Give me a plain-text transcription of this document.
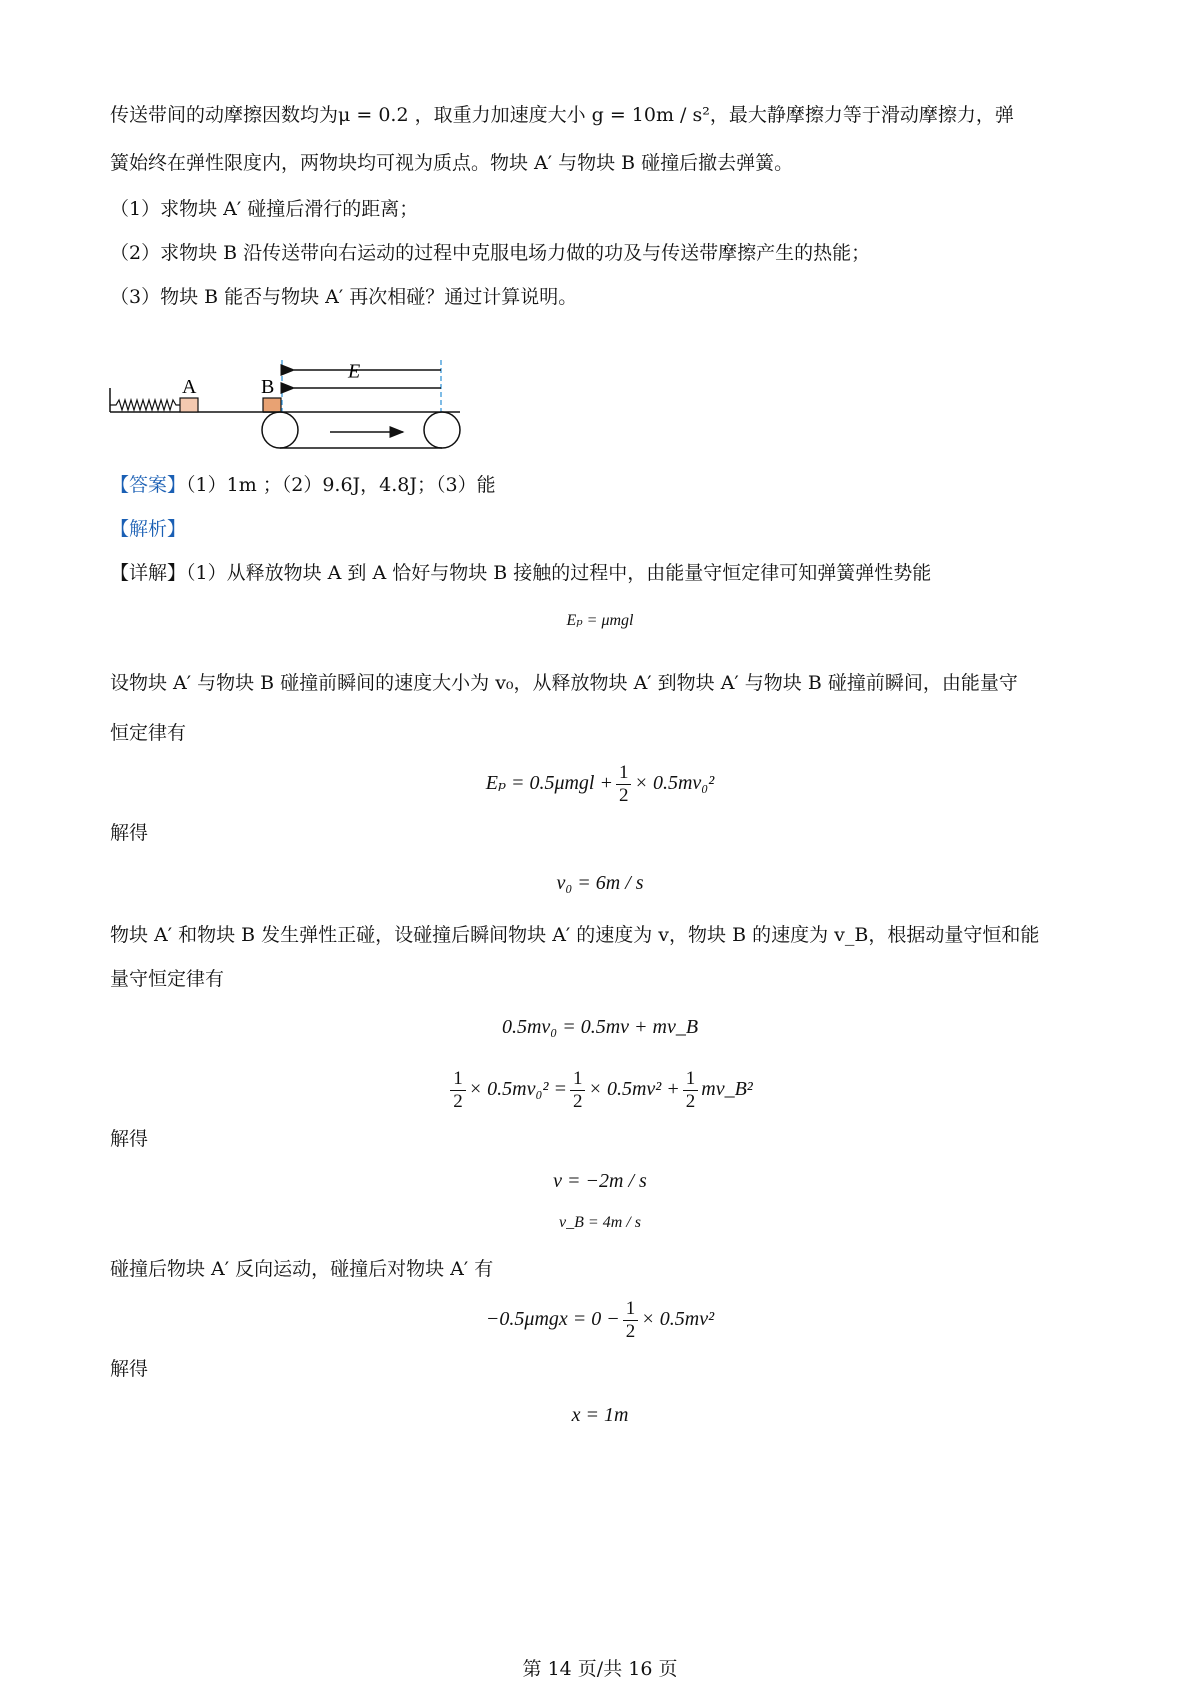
传送带间的动摩擦因数均为μ = 0.2 ，取重力加速度大小 g = 10m / s²，最大静摩擦力等于滑动摩擦力，弹
簧始终在弹性限度内，两物块均可视为质点。物块 A′ 与物块 B 碰撞后撤去弹簧。
（1）求物块 A′ 碰撞后滑行的距离；
（2）求物块 B 沿传送带向右运动的过程中克服电场力做的功及与传送带摩擦产生的热能；
（3）物块 B 能否与物块 A′ 再次相碰？通过计算说明。
A	B
E
【答案】（1）1m ；（2）9.6J，4.8J；（3）能
【解析】
【详解】（1）从释放物块 A 到 A 恰好与物块 B 接触的过程中，由能量守恒定律可知弹簧弹性势能
Eₚ = μmgl
设物块 A′ 与物块 B 碰撞前瞬间的速度大小为 v₀，从释放物块 A′ 到物块 A′ 与物块 B 碰撞前瞬间，由能量守
恒定律有
$E_p = 0.5\mu mgl + \frac{1}{2} \times 0.5mv_0^2$
解得
v₀ = 6m / s
物块 A′ 和物块 B 发生弹性正碰，设碰撞后瞬间物块 A′ 的速度为 v，物块 B 的速度为 v_B，根据动量守恒和能
量守恒定律有
0.5mv₀ = 0.5mv + mv_B
$\frac{1}{2} \times 0.5mv_0^2 = \frac{1}{2} \times 0.5mv^2 + \frac{1}{2}$ mv_B²
解得
v = −2m / s
v_B = 4m / s
碰撞后物块 A′ 反向运动，碰撞后对物块 A′ 有
$-0.5\mu mgx = 0 - \frac{1}{2} \times 0.5mv^2$
解得
x = 1m
第 14 页/共 16 页
